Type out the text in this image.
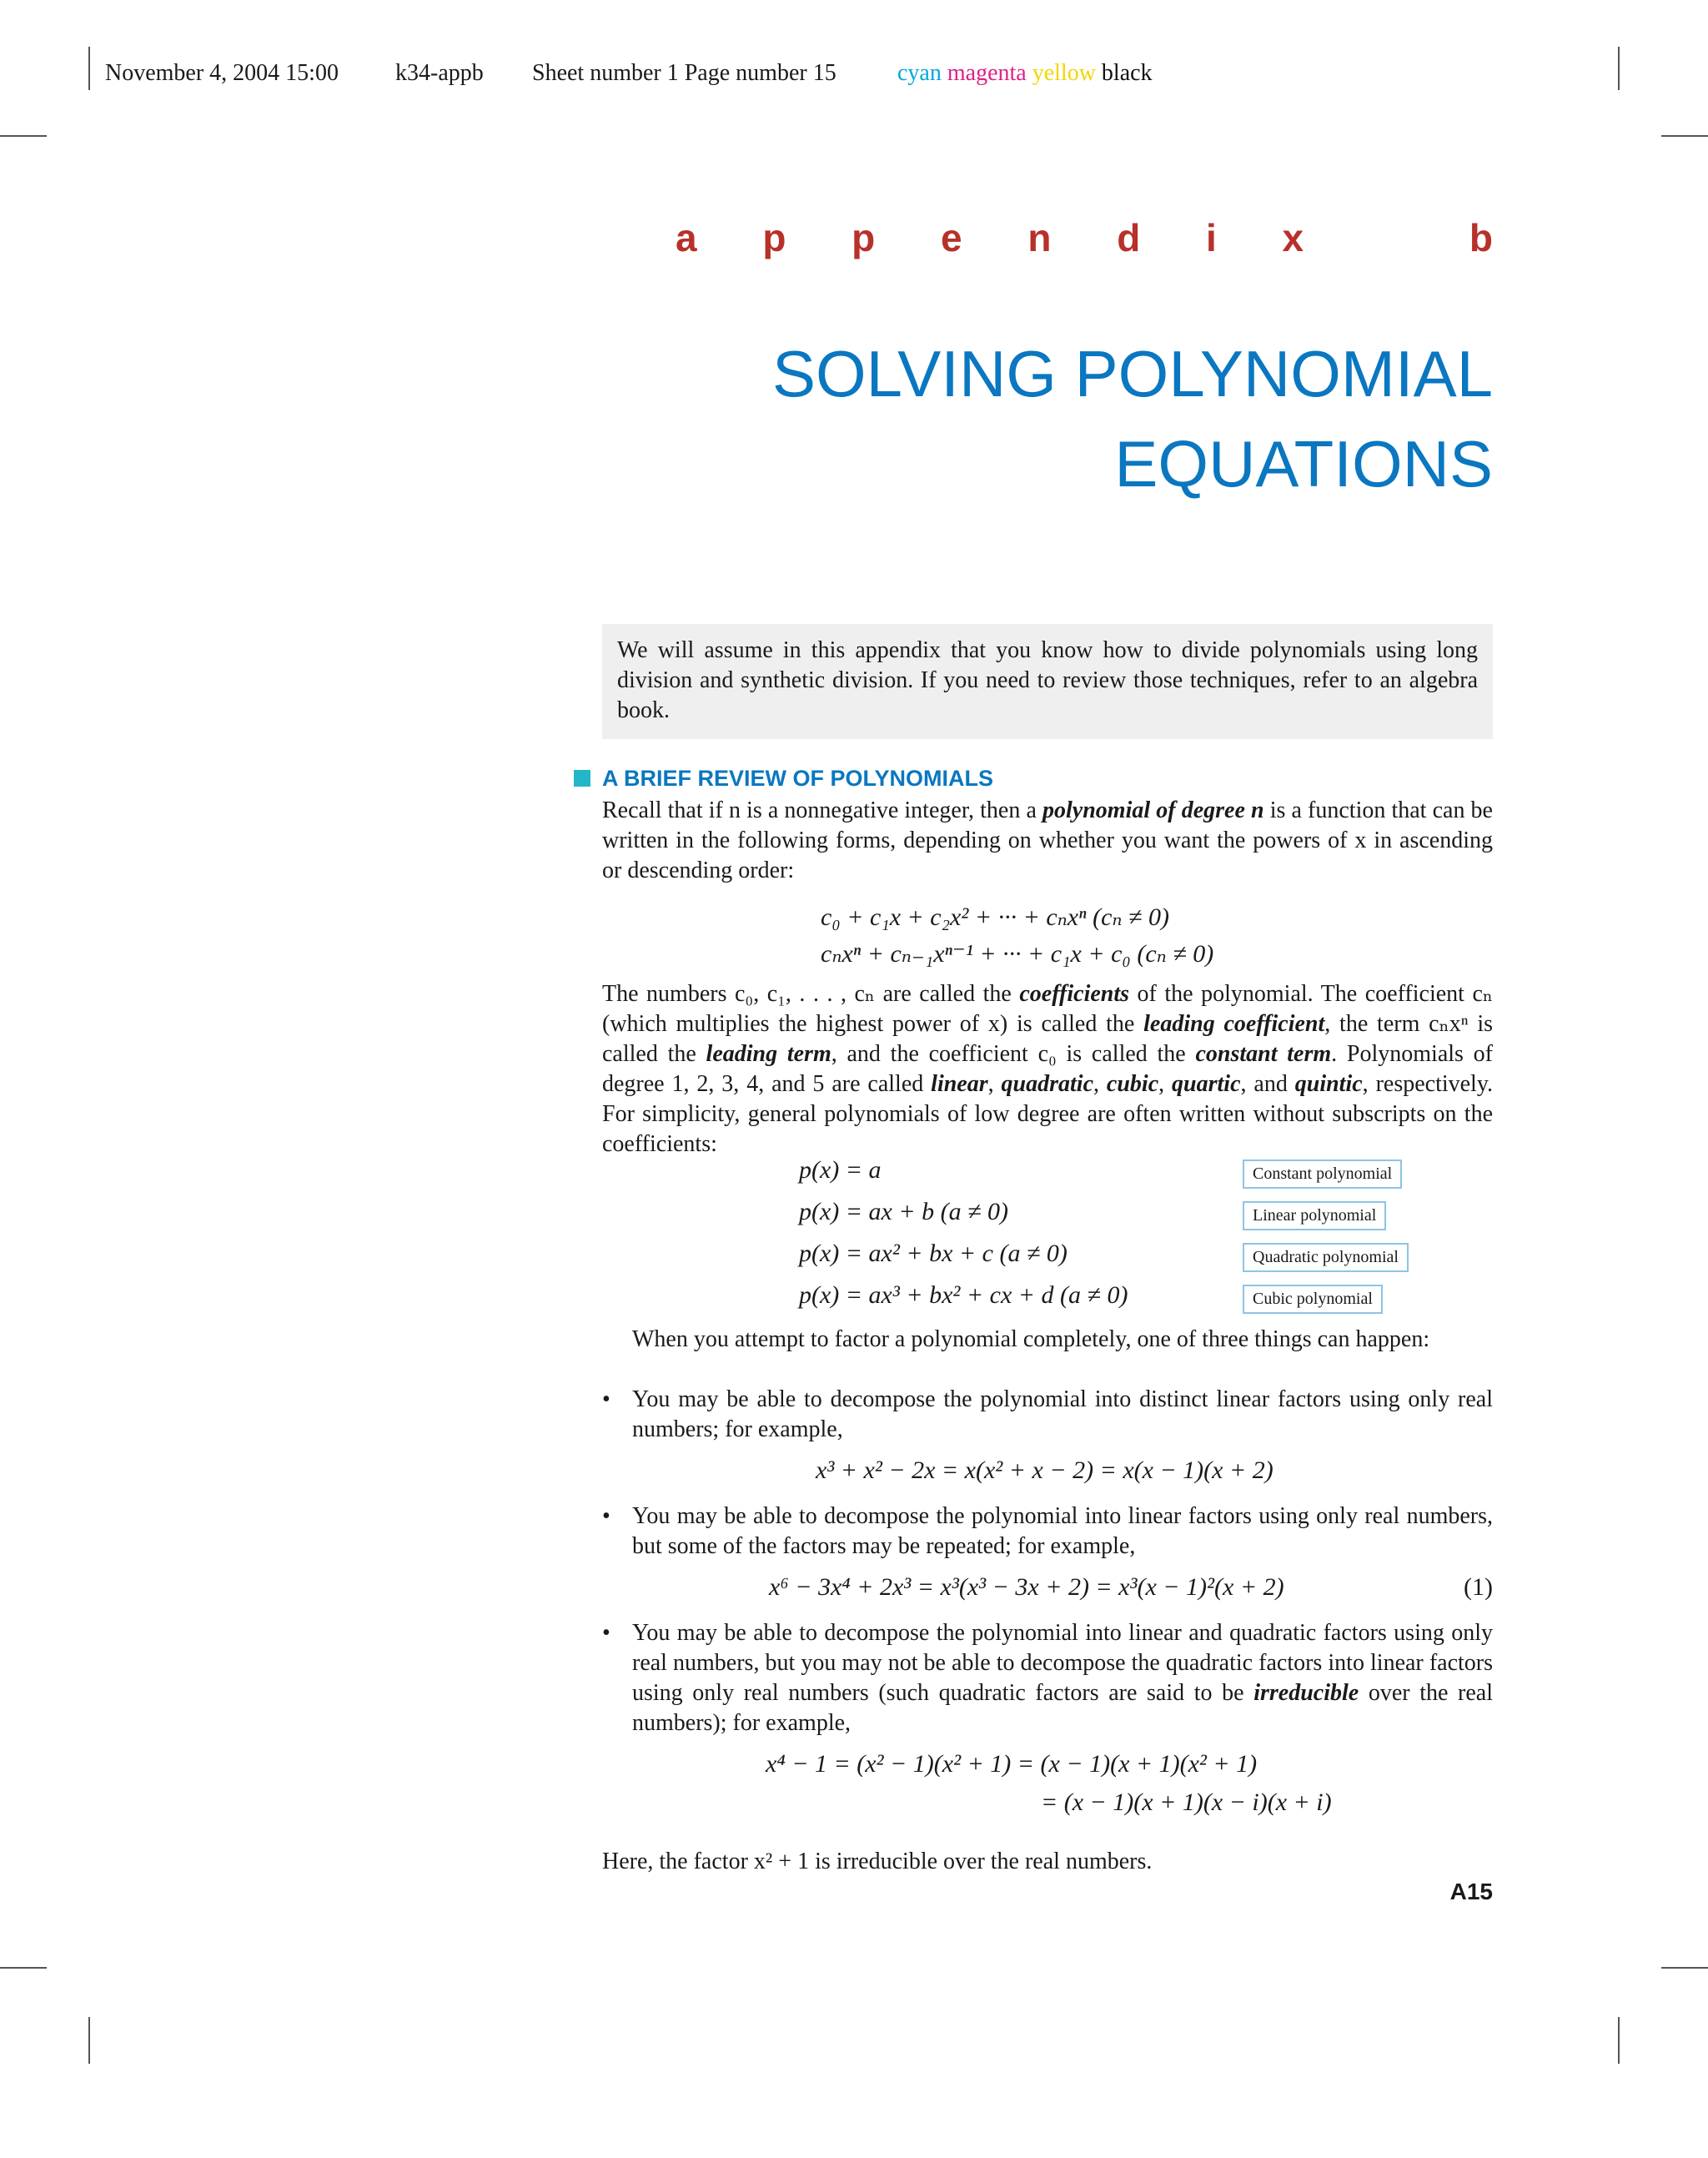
November 4, 2004 15:00 k34-appb Sheet number 1 Page number 15	cyan magenta yellow black
a p p e n d i x	b
SOLVING POLYNOMIAL
EQUATIONS
We will assume in this appendix that you know how to divide polynomials using long division and synthetic division. If you need to review those techniques, refer to an algebra book.
A BRIEF REVIEW OF POLYNOMIALS
Recall that if n is a nonnegative integer, then a polynomial of degree n is a function that can be written in the following forms, depending on whether you want the powers of x in ascending or descending order:
c₀ + c₁x + c₂x² + ··· + cₙxⁿ (cₙ ≠ 0)
cₙxⁿ + cₙ₋₁xⁿ⁻¹ + ··· + c₁x + c₀ (cₙ ≠ 0)
The numbers c₀, c₁, . . . , cₙ are called the coefficients of the polynomial. The coefficient cₙ (which multiplies the highest power of x) is called the leading coefficient, the term cₙxⁿ is called the leading term, and the coefficient c₀ is called the constant term. Polynomials of degree 1, 2, 3, 4, and 5 are called linear, quadratic, cubic, quartic, and quintic, respectively. For simplicity, general polynomials of low degree are often written without subscripts on the coefficients:
p(x) = a	Constant polynomial
p(x) = ax + b (a ≠ 0)	Linear polynomial
p(x) = ax² + bx + c (a ≠ 0)	Quadratic polynomial
p(x) = ax³ + bx² + cx + d (a ≠ 0)	Cubic polynomial
When you attempt to factor a polynomial completely, one of three things can happen:
• You may be able to decompose the polynomial into distinct linear factors using only real numbers; for example,
x³ + x² − 2x = x(x² + x − 2) = x(x − 1)(x + 2)
• You may be able to decompose the polynomial into linear factors using only real numbers, but some of the factors may be repeated; for example,
x⁶ − 3x⁴ + 2x³ = x³(x³ − 3x + 2) = x³(x − 1)²(x + 2)	(1)
• You may be able to decompose the polynomial into linear and quadratic factors using only real numbers, but you may not be able to decompose the quadratic factors into linear factors using only real numbers (such quadratic factors are said to be irreducible over the real numbers); for example,
x⁴ − 1 = (x² − 1)(x² + 1) = (x − 1)(x + 1)(x² + 1)
= (x − 1)(x + 1)(x − i)(x + i)
Here, the factor x² + 1 is irreducible over the real numbers.
A15
